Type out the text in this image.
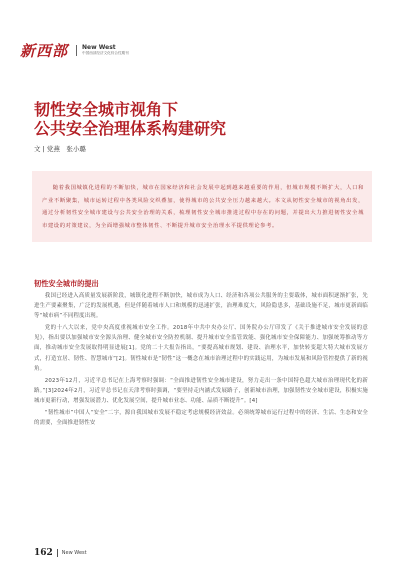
新西部 New West
中国西部经济文化综合性期刊
韧性安全城市视角下
公共安全治理体系构建研究
文 | 党燕　张小璐

随着我国城镇化进程的不断加快，城市在国家经济和社会发展中起到越来越重要的作用，但城市规模不断扩大，人口和产业不断聚集，城市运转过程中各类风险交织叠加，使得城市的公共安全压力越来越大。本文从韧性安全城市的视角出发，通过分析韧性安全城市建设与公共安全治理的关系，梳理韧性安全城市推进过程中存在的问题，并提出大力推进韧性安全城市建设的对策建议，为全面增强城市整体韧性、不断提升城市安全治理水平提供理论参考。

韧性安全城市的提出

我国已经进入高质量发展新阶段，城镇化进程不断加快，城市成为人口、经济和各项公共服务的主要载体，城市面积逐渐扩张，先进生产要素聚集，广泛的发展机遇，但是伴随着城市人口和规模的迅速扩张，治理难度大，风险隐患多，基础设施不足，城市更新面临等“城市病”不同程度出现。

党的十八大以来，党中央高度重视城市安全工作。2018年中共中央办公厅、国务院办公厅印发了《关于推进城市安全发展的意见》，指出要以加强城市安全源头治理、健全城市安全防控机制、提升城市安全监管效能、强化城市安全保障能力、加强统筹推动等方面，推动城市安全发展取得明显进展[1]。党的二十大报告指出，“要提高城市规划、建设、治理水平，加快转变超大特大城市发展方式，打造宜居、韧性、智慧城市”[2]。韧性城市是“韧性”这一概念在城市治理过程中的实践运用，为城市发展和风险管控提供了新的视角。

2023年12月，习近平总书记在上海考察时强调：“全面推进韧性安全城市建设，努力走出一条中国特色超大城市治理现代化的新路。”[3]2024年2月，习近平总书记在天津考察时强调，“要坚持走内涵式发展路子，创新城市治理，加强韧性安全城市建设，积极实施城市更新行动，增强发展潜力、优化发展空间，提升城市业态、功能、品质不断提升”。[4]

“韧性城市”中国人“安全”二字，源自我国城市发展不稳定考虑规模经济效益。必须统筹城市运行过程中的经济、生活、生态和安全的需要，全面推进韧性安

162 New West
